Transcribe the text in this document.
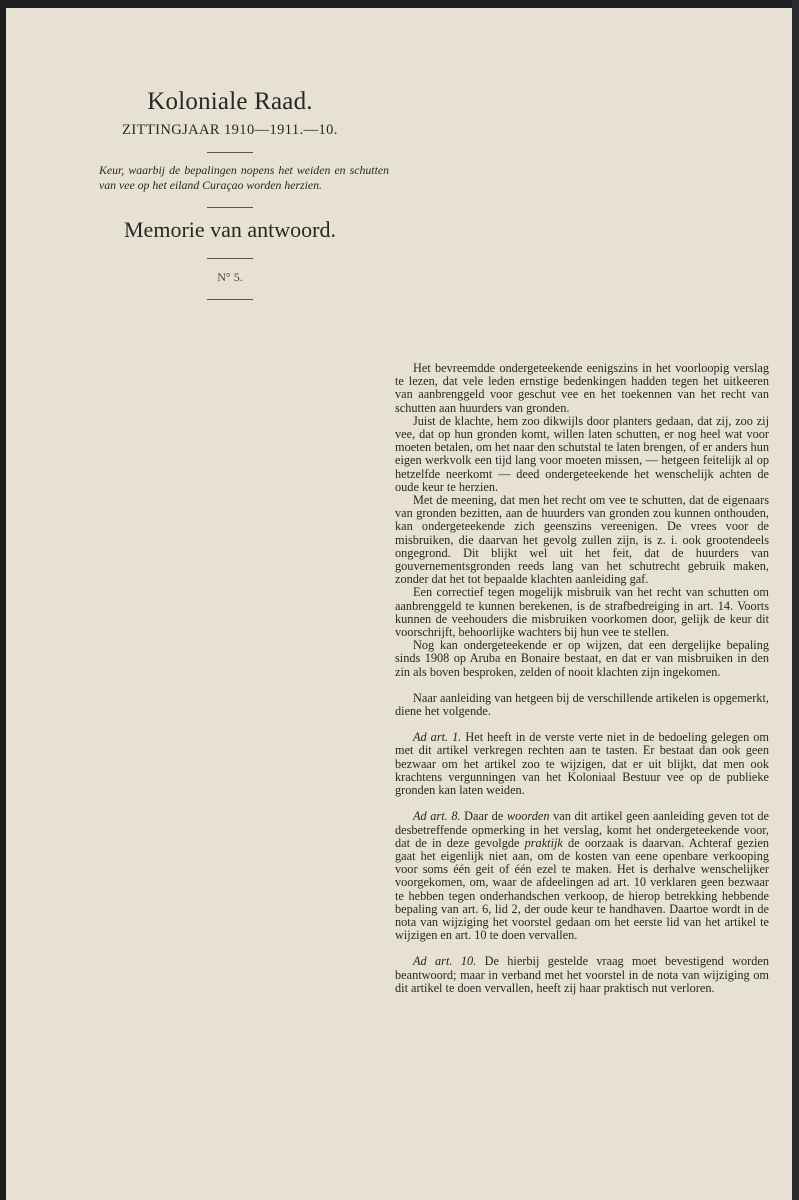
Koloniale Raad.
ZITTINGJAAR 1910—1911.—10.
Keur, waarbij de bepalingen nopens het weiden en schutten van vee op het eiland Curaçao worden herzien.
Memorie van antwoord.
N° 5.

Het bevreemdde ondergeteekende eenigszins in het voorloopig verslag te lezen, dat vele leden ernstige bedenkingen hadden tegen het uitkeeren van aanbrenggeld voor geschut vee en het toekennen van het recht van schutten aan huurders van gronden.

Juist de klachte, hem zoo dikwijls door planters gedaan, dat zij, zoo zij vee, dat op hun gronden komt, willen laten schutten, er nog heel wat voor moeten betalen, om het naar den schutstal te laten brengen, of er anders hun eigen werkvolk een tijd lang voor moeten missen, — hetgeen feitelijk al op hetzelfde neerkomt — deed ondergeteekende het wenschelijk achten de oude keur te herzien.

Met de meening, dat men het recht om vee te schutten, dat de eigenaars van gronden bezitten, aan de huurders van gronden zou kunnen onthouden, kan ondergeteekende zich geenszins vereenigen. De vrees voor de misbruiken, die daarvan het gevolg zullen zijn, is z. i. ook grootendeels ongegrond. Dit blijkt wel uit het feit, dat de huurders van gouvernementsgronden reeds lang van het schutrecht gebruik maken, zonder dat het tot bepaalde klachten aanleiding gaf.

Een correctief tegen mogelijk misbruik van het recht van schutten om aanbrenggeld te kunnen berekenen, is de strafbedreiging in art. 14. Voorts kunnen de veehouders die misbruiken voorkomen door, gelijk de keur dit voorschrijft, behoorlijke wachters bij hun vee te stellen.

Nog kan ondergeteekende er op wijzen, dat een dergelijke bepaling sinds 1908 op Aruba en Bonaire bestaat, en dat er van misbruiken in den zin als boven besproken, zelden of nooit klachten zijn ingekomen.

Naar aanleiding van hetgeen bij de verschillende artikelen is opgemerkt, diene het volgende.

Ad art. 1. Het heeft in de verste verte niet in de bedoeling gelegen om met dit artikel verkregen rechten aan te tasten. Er bestaat dan ook geen bezwaar om het artikel zoo te wijzigen, dat er uit blijkt, dat men ook krachtens vergunningen van het Koloniaal Bestuur vee op de publieke gronden kan laten weiden.

Ad art. 8. Daar de woorden van dit artikel geen aanleiding geven tot de desbetreffende opmerking in het verslag, komt het ondergeteekende voor, dat de in deze gevolgde praktijk de oorzaak is daarvan. Achteraf gezien gaat het eigenlijk niet aan, om de kosten van eene openbare verkooping voor soms één geit of één ezel te maken. Het is derhalve wenschelijker voorgekomen, om, waar de afdeelingen ad art. 10 verklaren geen bezwaar te hebben tegen onderhandschen verkoop, de hierop betrekking hebbende bepaling van art. 6, lid 2, der oude keur te handhaven. Daartoe wordt in de nota van wijziging het voorstel gedaan om het eerste lid van het artikel te wijzigen en art. 10 te doen vervallen.

Ad art. 10. De hierbij gestelde vraag moet bevestigend worden beantwoord; maar in verband met het voorstel in de nota van wijziging om dit artikel te doen vervallen, heeft zij haar praktisch nut verloren.
